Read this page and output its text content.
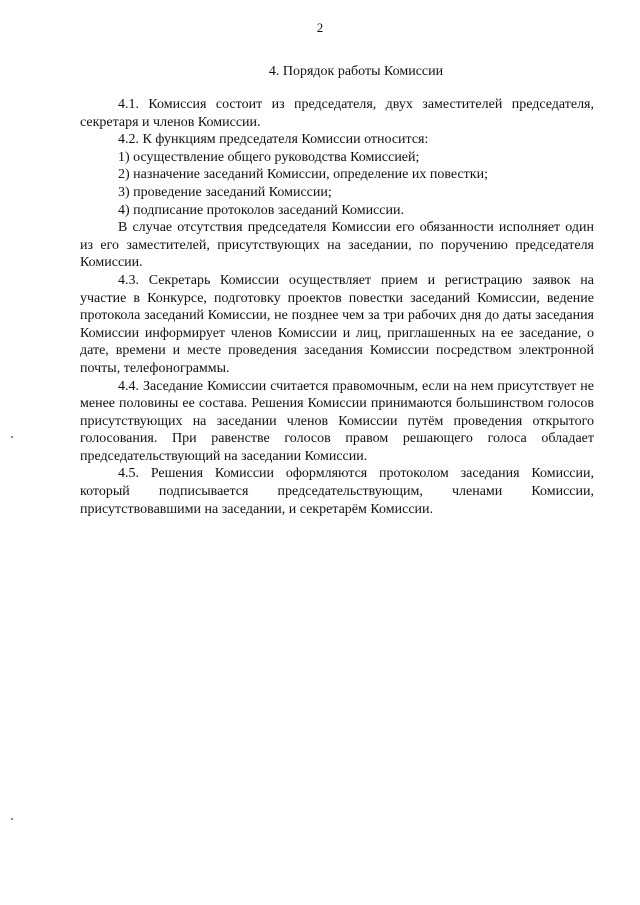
2
4. Порядок работы Комиссии

4.1. Комиссия состоит из председателя, двух заместителей председателя, секретаря и членов Комиссии.

4.2. К функциям председателя Комиссии относится:

1) осуществление общего руководства Комиссией;

2) назначение заседаний Комиссии, определение их повестки;

3) проведение заседаний Комиссии;

4) подписание протоколов заседаний Комиссии.

В случае отсутствия председателя Комиссии его обязанности исполняет один из его заместителей, присутствующих на заседании, по поручению председателя Комиссии.

4.3. Секретарь Комиссии осуществляет прием и регистрацию заявок на участие в Конкурсе, подготовку проектов повестки заседаний Комиссии, ведение протокола заседаний Комиссии, не позднее чем за три рабочих дня до даты заседания Комиссии информирует членов Комиссии и лиц, приглашенных на ее заседание, о дате, времени и месте проведения заседания Комиссии посредством электронной почты, телефонограммы.

4.4. Заседание Комиссии считается правомочным, если на нем присутствует не менее половины ее состава. Решения Комиссии принимаются большинством голосов присутствующих на заседании членов Комиссии путём проведения открытого голосования. При равенстве голосов правом решающего голоса обладает председательствующий на заседании Комиссии.

4.5. Решения Комиссии оформляются протоколом заседания Комиссии, который подписывается председательствующим, членами Комиссии, присутствовавшими на заседании, и секретарём Комиссии.
